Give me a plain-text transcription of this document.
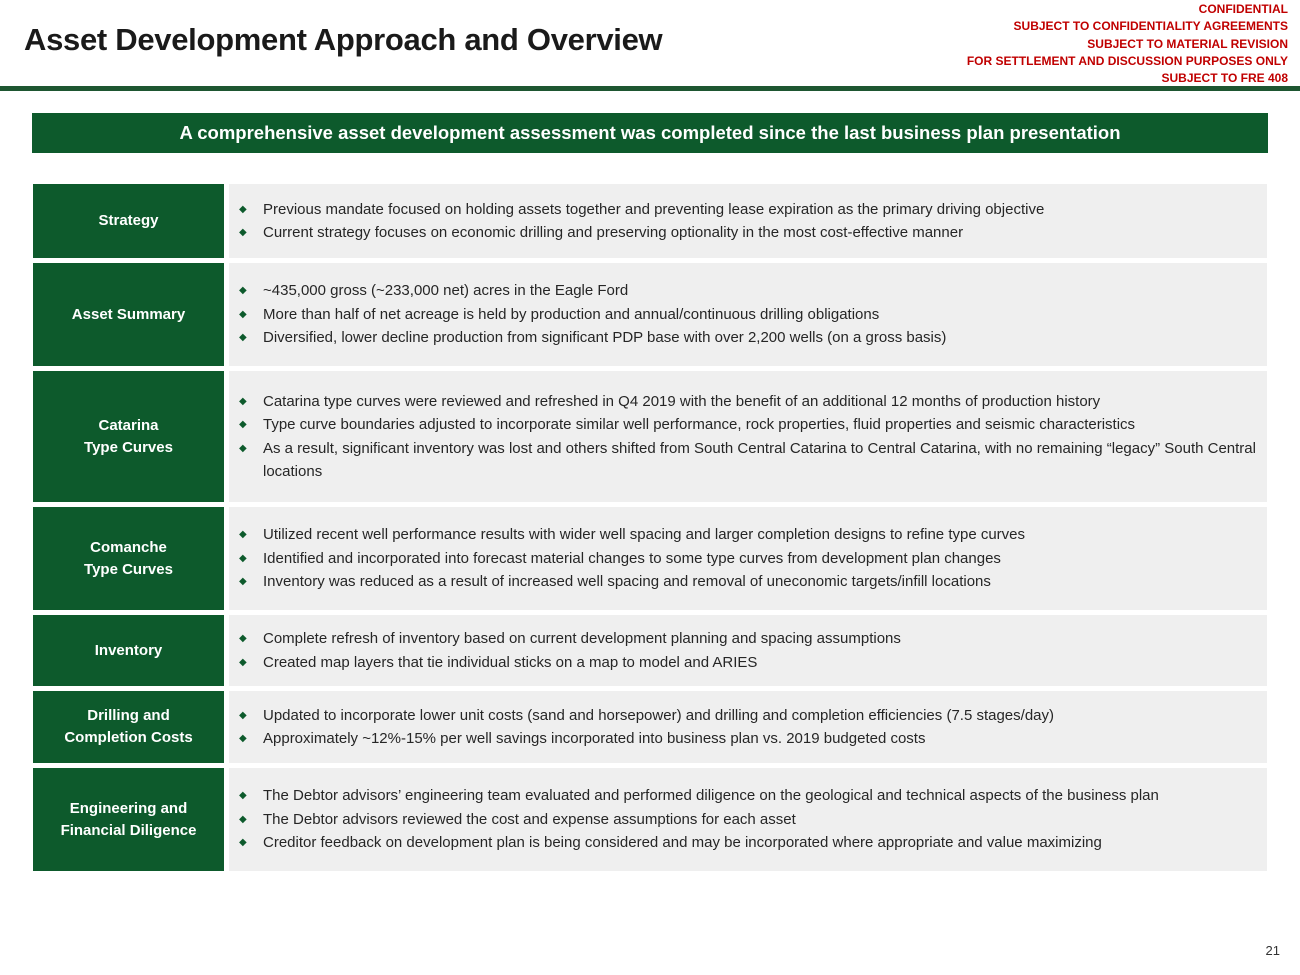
Asset Development Approach and Overview
CONFIDENTIAL
SUBJECT TO CONFIDENTIALITY AGREEMENTS
SUBJECT TO MATERIAL REVISION
FOR SETTLEMENT AND DISCUSSION PURPOSES ONLY
SUBJECT TO FRE 408
A comprehensive asset development assessment was completed since the last business plan presentation
Strategy
◆	Previous mandate focused on holding assets together and preventing lease expiration as the primary driving objective
◆	Current strategy focuses on economic drilling and preserving optionality in the most cost-effective manner
Asset Summary
◆	~435,000 gross (~233,000 net) acres in the Eagle Ford
◆	More than half of net acreage is held by production and annual/continuous drilling obligations
◆	Diversified, lower decline production from significant PDP base with over 2,200 wells (on a gross basis)
Catarina
Type Curves
◆	Catarina type curves were reviewed and refreshed in Q4 2019 with the benefit of an additional 12 months of production history
◆	Type curve boundaries adjusted to incorporate similar well performance, rock properties, fluid properties and seismic characteristics
◆	As a result, significant inventory was lost and others shifted from South Central Catarina to Central Catarina, with no remaining “legacy” South Central locations
Comanche
Type Curves
◆	Utilized recent well performance results with wider well spacing and larger completion designs to refine type curves
◆	Identified and incorporated into forecast material changes to some type curves from development plan changes
◆	Inventory was reduced as a result of increased well spacing and removal of uneconomic targets/infill locations
Inventory
◆	Complete refresh of inventory based on current development planning and spacing assumptions
◆	Created map layers that tie individual sticks on a map to model and ARIES
Drilling and
Completion Costs
◆	Updated to incorporate lower unit costs (sand and horsepower) and drilling and completion efficiencies (7.5 stages/day)
◆	Approximately ~12%-15% per well savings incorporated into business plan vs. 2019 budgeted costs
Engineering and
Financial Diligence
◆	The Debtor advisors’ engineering team evaluated and performed diligence on the geological and technical aspects of the business plan
◆	The Debtor advisors reviewed the cost and expense assumptions for each asset
◆	Creditor feedback on development plan is being considered and may be incorporated where appropriate and value maximizing
21
